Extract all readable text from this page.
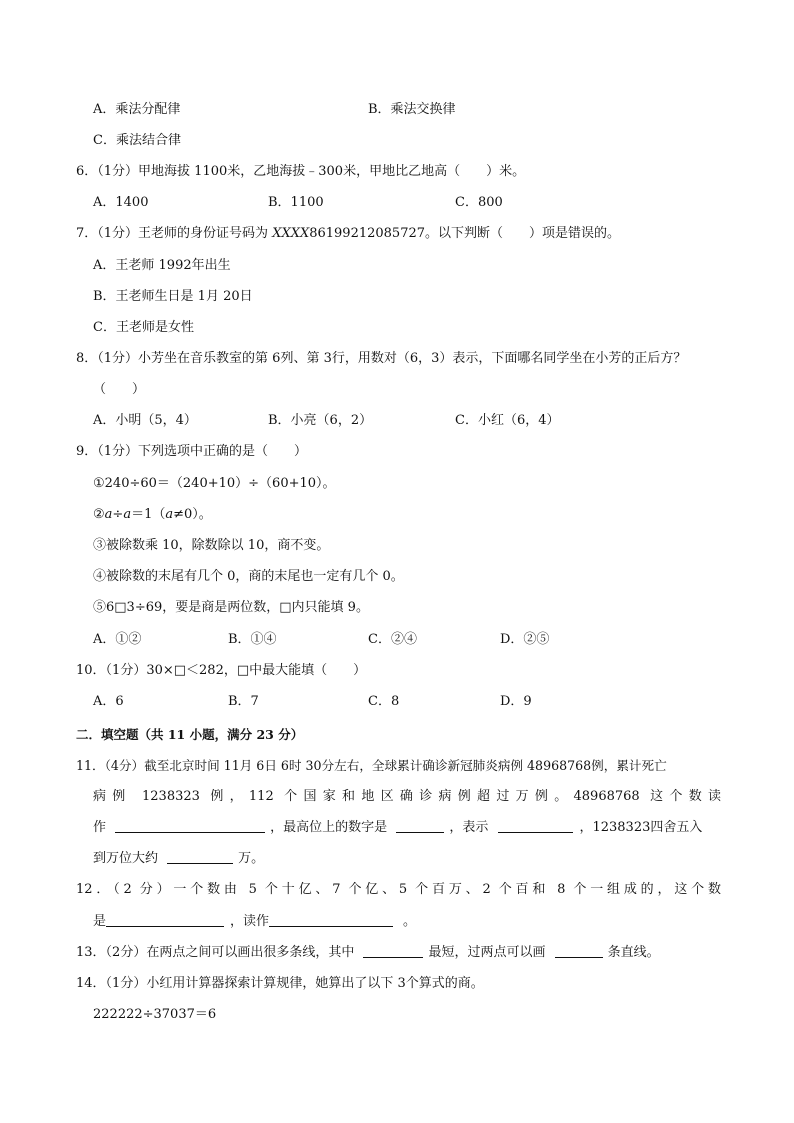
A．乘法分配律	B．乘法交换律
C．乘法结合律
6．（1分）甲地海拔 1100米，乙地海拔﹣300米，甲地比乙地高（　　）米。
A．1400	B．1100	C．800
7．（1分）王老师的身份证号码为 XXXX86199212085727。以下判断（　　）项是错误的。
A．王老师 1992年出生
B．王老师生日是 1月 20日
C．王老师是女性
8．（1分）小芳坐在音乐教室的第 6列、第 3行，用数对（6，3）表示，下面哪名同学坐在小芳的正后方？
（　　）
A．小明（5，4）	B．小亮（6，2）	C．小红（6，4）
9．（1分）下列选项中正确的是（　　）
①240÷60＝（240+10）÷（60+10）。
②a÷a＝1（a≠0）。
③被除数乘 10，除数除以 10，商不变。
④被除数的末尾有几个 0，商的末尾也一定有几个 0。
⑤6□3÷69，要是商是两位数，□内只能填 9。
A．①②	B．①④	C．②④	D．②⑤
10．（1分）30×□＜282，□中最大能填（　　）
A．6	B．7	C．8	D．9
二．填空题（共 11 小题，满分 23 分）
11．（4分）截至北京时间 11月 6日 6时 30分左右，全球累计确诊新冠肺炎病例 48968768例，累计死亡
病例 1238323 例，112 个国家和地区确诊病例超过万例。48968768 这个数读
作	，最高位上的数字是	，表示	，1238323四舍五入
到万位大约	万。
12．（2 分）一个数由 5 个十亿、7 个亿、5 个百万、2 个百和 8 个一组成的，这个数
是	，读作	。
13．（2分）在两点之间可以画出很多条线，其中	最短，过两点可以画	条直线。
14．（1分）小红用计算器探索计算规律，她算出了以下 3个算式的商。
222222÷37037＝6
